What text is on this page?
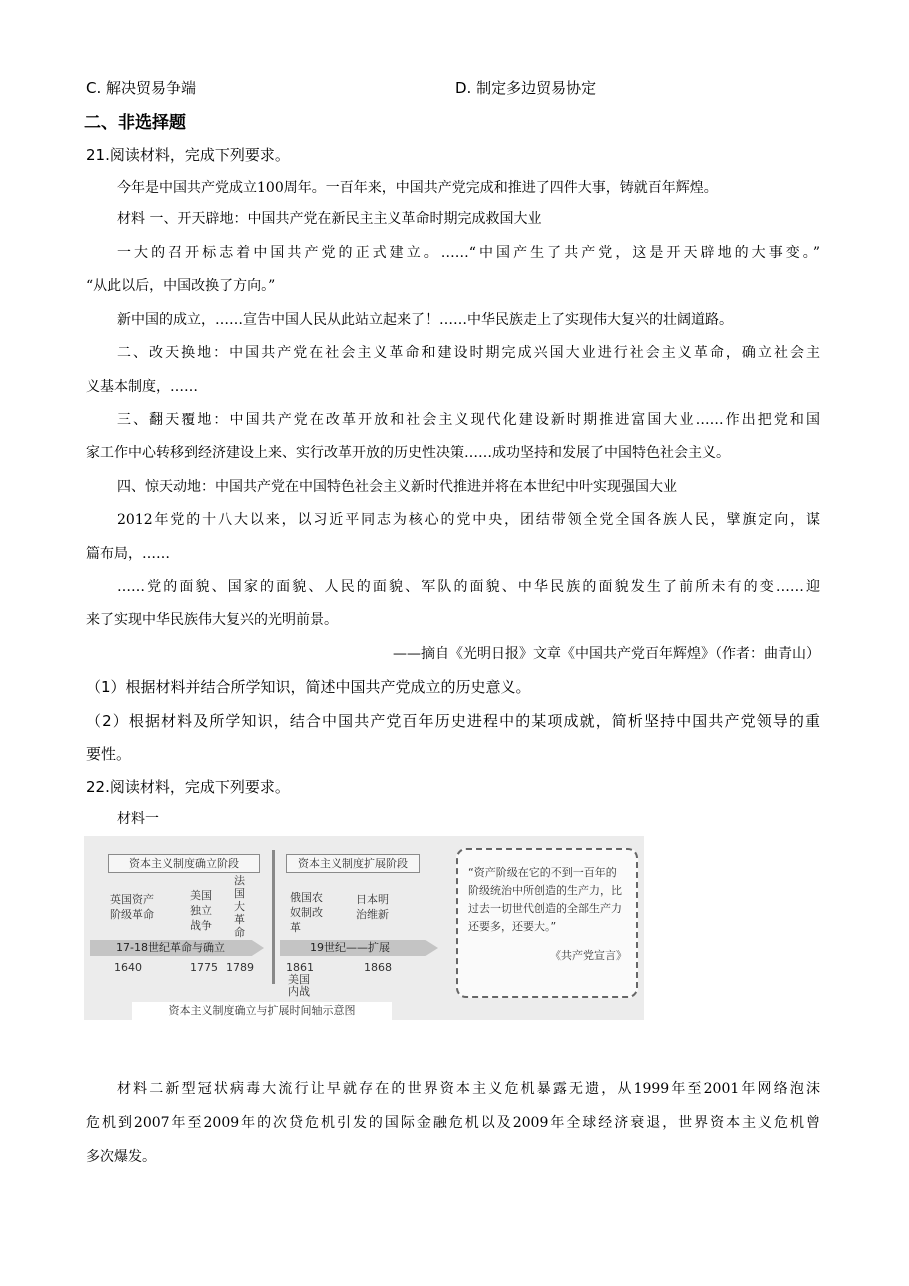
C. 解决贸易争端	D. 制定多边贸易协定
二、非选择题
21.阅读材料，完成下列要求。
今年是中国共产党成立100周年。一百年来，中国共产党完成和推进了四件大事，铸就百年辉煌。
材料 一、开天辟地：中国共产党在新民主主义革命时期完成救国大业
一大的召开标志着中国共产党的正式建立。……“中国产生了共产党，这是开天辟地的大事变。”
“从此以后，中国改换了方向。”
新中国的成立，……宣告中国人民从此站立起来了！……中华民族走上了实现伟大复兴的壮阔道路。
二、改天换地：中国共产党在社会主义革命和建设时期完成兴国大业进行社会主义革命，确立社会主
义基本制度，……
三、翻天覆地：中国共产党在改革开放和社会主义现代化建设新时期推进富国大业……作出把党和国
家工作中心转移到经济建设上来、实行改革开放的历史性决策……成功坚持和发展了中国特色社会主义。
四、惊天动地：中国共产党在中国特色社会主义新时代推进并将在本世纪中叶实现强国大业
2012年党的十八大以来，以习近平同志为核心的党中央，团结带领全党全国各族人民，擘旗定向，谋
篇布局，……
……党的面貌、国家的面貌、人民的面貌、军队的面貌、中华民族的面貌发生了前所未有的变……迎
来了实现中华民族伟大复兴的光明前景。
——摘自《光明日报》文章《中国共产党百年辉煌》（作者：曲青山）
（1）根据材料并结合所学知识，简述中国共产党成立的历史意义。
（2）根据材料及所学知识，结合中国共产党百年历史进程中的某项成就，简析坚持中国共产党领导的重
要性。
22.阅读材料，完成下列要求。
材料一
资本主义制度确立阶段	资本主义制度扩展阶段
英国资产阶级革命
美国独立战争
法国大革命
俄国农奴制改革
日本明治维新
17-18世纪革命与确立	19世纪——扩展
1640	1775 1789	1861	1868
美国内战
“资产阶级在它的不到一百年的阶级统治中所创造的生产力，比过去一切世代创造的全部生产力还要多，还要大。”
《共产党宣言》
资本主义制度确立与扩展时间轴示意图
材料二新型冠状病毒大流行让早就存在的世界资本主义危机暴露无遗，从1999年至2001年网络泡沫
危机到2007年至2009年的次贷危机引发的国际金融危机以及2009年全球经济衰退，世界资本主义危机曾
多次爆发。
